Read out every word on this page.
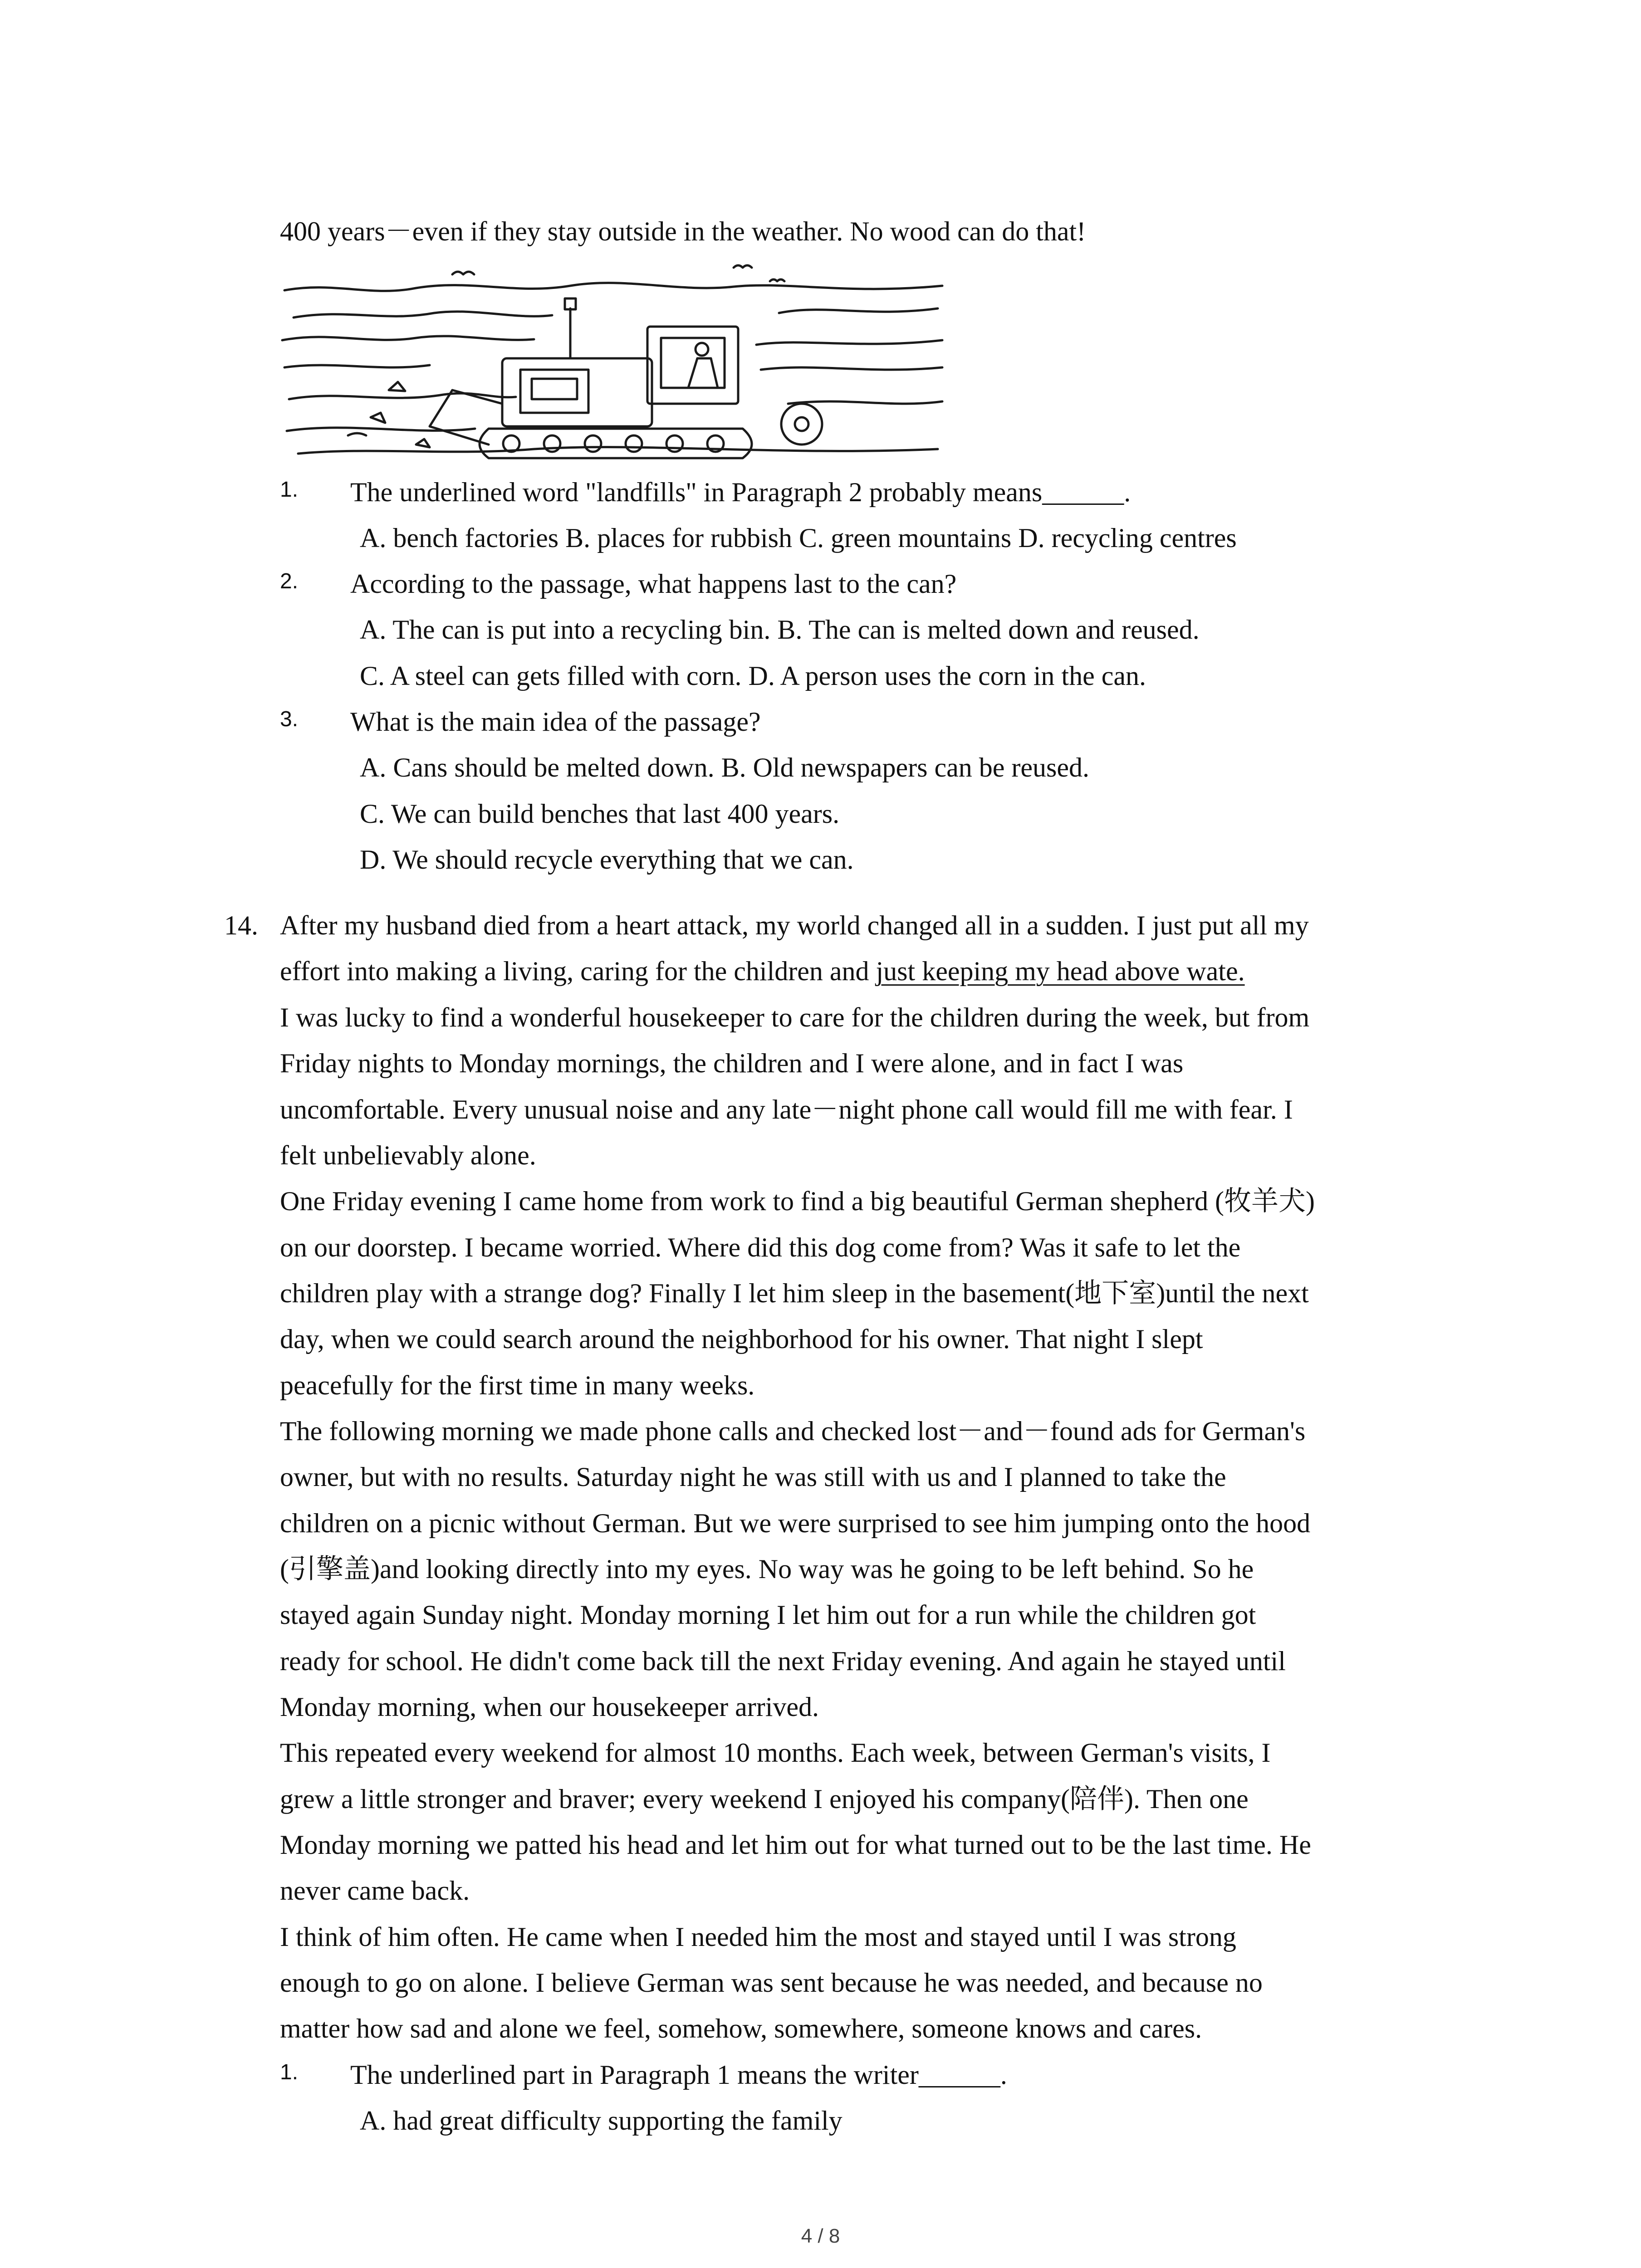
400 years－even if they stay outside in the weather. No wood can do that!
1. The underlined word "landfills" in Paragraph 2 probably means______.
A. bench factories B. places for rubbish C. green mountains D. recycling centres
2. According to the passage, what happens last to the can?
A. The can is put into a recycling bin. B. The can is melted down and reused.
C. A steel can gets filled with corn. D. A person uses the corn in the can.
3. What is the main idea of the passage?
A. Cans should be melted down. B. Old newspapers can be reused.
C. We can build benches that last 400 years.
D. We should recycle everything that we can.
14. After my husband died from a heart attack, my world changed all in a sudden. I just put all my
effort into making a living, caring for the children and just keeping my head above wate.
I was lucky to find a wonderful housekeeper to care for the children during the week, but from
Friday nights to Monday mornings, the children and I were alone, and in fact I was
uncomfortable. Every unusual noise and any late－night phone call would fill me with fear. I
felt unbelievably alone.
One Friday evening I came home from work to find a big beautiful German shepherd (牧羊犬)
on our doorstep. I became worried. Where did this dog come from? Was it safe to let the
children play with a strange dog? Finally I let him sleep in the basement(地下室)until the next
day, when we could search around the neighborhood for his owner. That night I slept
peacefully for the first time in many weeks.
The following morning we made phone calls and checked lost－and－found ads for German's
owner, but with no results. Saturday night he was still with us and I planned to take the
children on a picnic without German. But we were surprised to see him jumping onto the hood
(引擎盖)and looking directly into my eyes. No way was he going to be left behind. So he
stayed again Sunday night. Monday morning I let him out for a run while the children got
ready for school. He didn't come back till the next Friday evening. And again he stayed until
Monday morning, when our housekeeper arrived.
This repeated every weekend for almost 10 months. Each week, between German's visits, I
grew a little stronger and braver; every weekend I enjoyed his company(陪伴). Then one
Monday morning we patted his head and let him out for what turned out to be the last time. He
never came back.
I think of him often. He came when I needed him the most and stayed until I was strong
enough to go on alone. I believe German was sent because he was needed, and because no
matter how sad and alone we feel, somehow, somewhere, someone knows and cares.
1. The underlined part in Paragraph 1 means the writer______.
A. had great difficulty supporting the family
4 / 8
